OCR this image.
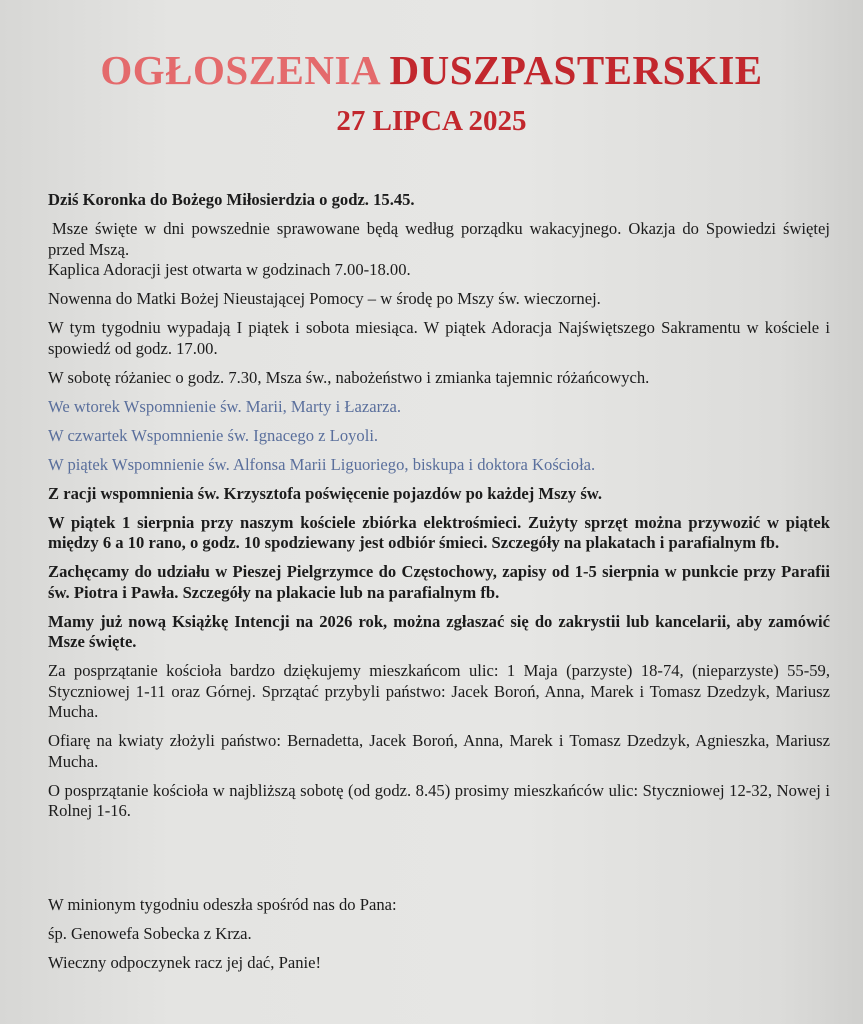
OGŁOSZENIA DUSZPASTERSKIE
27 LIPCA 2025

Dziś Koronka do Bożego Miłosierdzia o godz. 15.45.

Msze święte w dni powszednie sprawowane będą według porządku wakacyjnego. Okazja do Spowiedzi świętej przed Mszą.

Kaplica Adoracji jest otwarta w godzinach 7.00-18.00.

Nowenna do Matki Bożej Nieustającej Pomocy – w środę po Mszy św. wieczornej.

W tym tygodniu wypadają I piątek i sobota miesiąca. W piątek Adoracja Najświętszego Sakramentu w kościele i spowiedź od godz. 17.00.

W sobotę różaniec o godz. 7.30, Msza św., nabożeństwo i zmianka tajemnic różańcowych.

We wtorek Wspomnienie św. Marii, Marty i Łazarza.

W czwartek Wspomnienie św. Ignacego z Loyoli.

W piątek Wspomnienie św. Alfonsa Marii Liguoriego, biskupa i doktora Kościoła.

Z racji wspomnienia św. Krzysztofa poświęcenie pojazdów po każdej Mszy św.

W piątek 1 sierpnia przy naszym kościele zbiórka elektrośmieci. Zużyty sprzęt można przywozić w piątek między 6 a 10 rano, o godz. 10 spodziewany jest odbiór śmieci. Szczegóły na plakatach i parafialnym fb.

Zachęcamy do udziału w Pieszej Pielgrzymce do Częstochowy, zapisy od 1-5 sierpnia w punkcie przy Parafii św. Piotra i Pawła. Szczegóły na plakacie lub na parafialnym fb.

Mamy już nową Książkę Intencji na 2026 rok, można zgłaszać się do zakrystii lub kancelarii, aby zamówić Msze święte.

Za posprzątanie kościoła bardzo dziękujemy mieszkańcom ulic: 1 Maja (parzyste) 18-74, (nieparzyste) 55-59, Styczniowej 1-11 oraz Górnej. Sprzątać przybyli państwo: Jacek Boroń, Anna, Marek i Tomasz Dzedzyk, Mariusz Mucha.

Ofiarę na kwiaty złożyli państwo: Bernadetta, Jacek Boroń, Anna, Marek i Tomasz Dzedzyk, Agnieszka, Mariusz Mucha.

O posprzątanie kościoła w najbliższą sobotę (od godz. 8.45) prosimy mieszkańców ulic: Styczniowej 12-32, Nowej i Rolnej 1-16.

W minionym tygodniu odeszła spośród nas do Pana:
śp. Genowefa Sobecka z Krza.
Wieczny odpoczynek racz jej dać, Panie!
